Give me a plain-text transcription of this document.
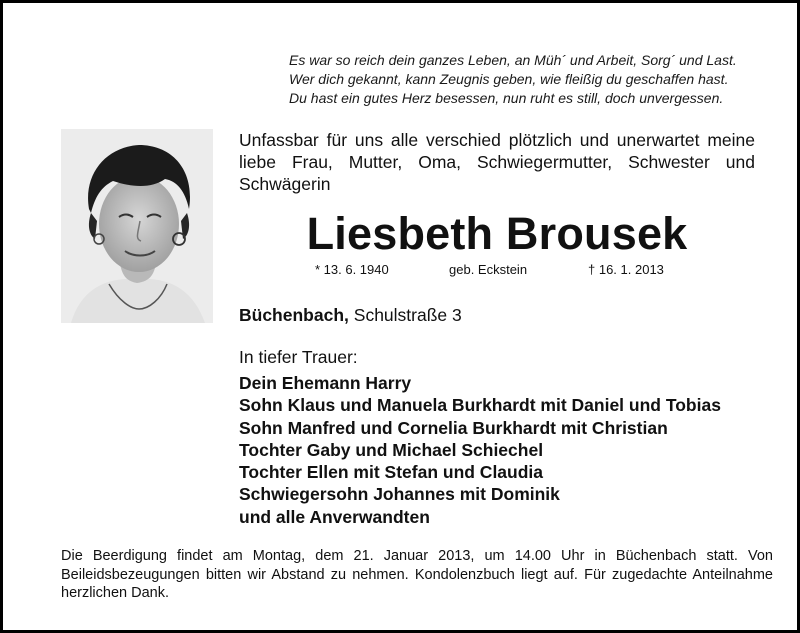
Es war so reich dein ganzes Leben, an Müh´ und Arbeit, Sorg´ und Last.
Wer dich gekannt, kann Zeugnis geben, wie fleißig du geschaffen hast.
Du hast ein gutes Herz besessen, nun ruht es still, doch unvergessen.
Unfassbar für uns alle verschied plötzlich und unerwartet meine liebe Frau, Mutter, Oma, Schwiegermutter, Schwester und Schwägerin
Liesbeth Brousek
* 13. 6. 1940	geb. Eckstein	† 16. 1. 2013
Büchenbach, Schulstraße 3
In tiefer Trauer:
Dein Ehemann Harry
Sohn Klaus und Manuela Burkhardt mit Daniel und Tobias
Sohn Manfred und Cornelia Burkhardt mit Christian
Tochter Gaby und Michael Schiechel
Tochter Ellen mit Stefan und Claudia
Schwiegersohn Johannes mit Dominik
und alle Anverwandten
Die Beerdigung findet am Montag, dem 21. Januar 2013, um 14.00 Uhr in Büchenbach statt. Von Beileidsbezeugungen bitten wir Abstand zu nehmen. Kondolenzbuch liegt auf. Für zugedachte Anteilnahme herzlichen Dank.
